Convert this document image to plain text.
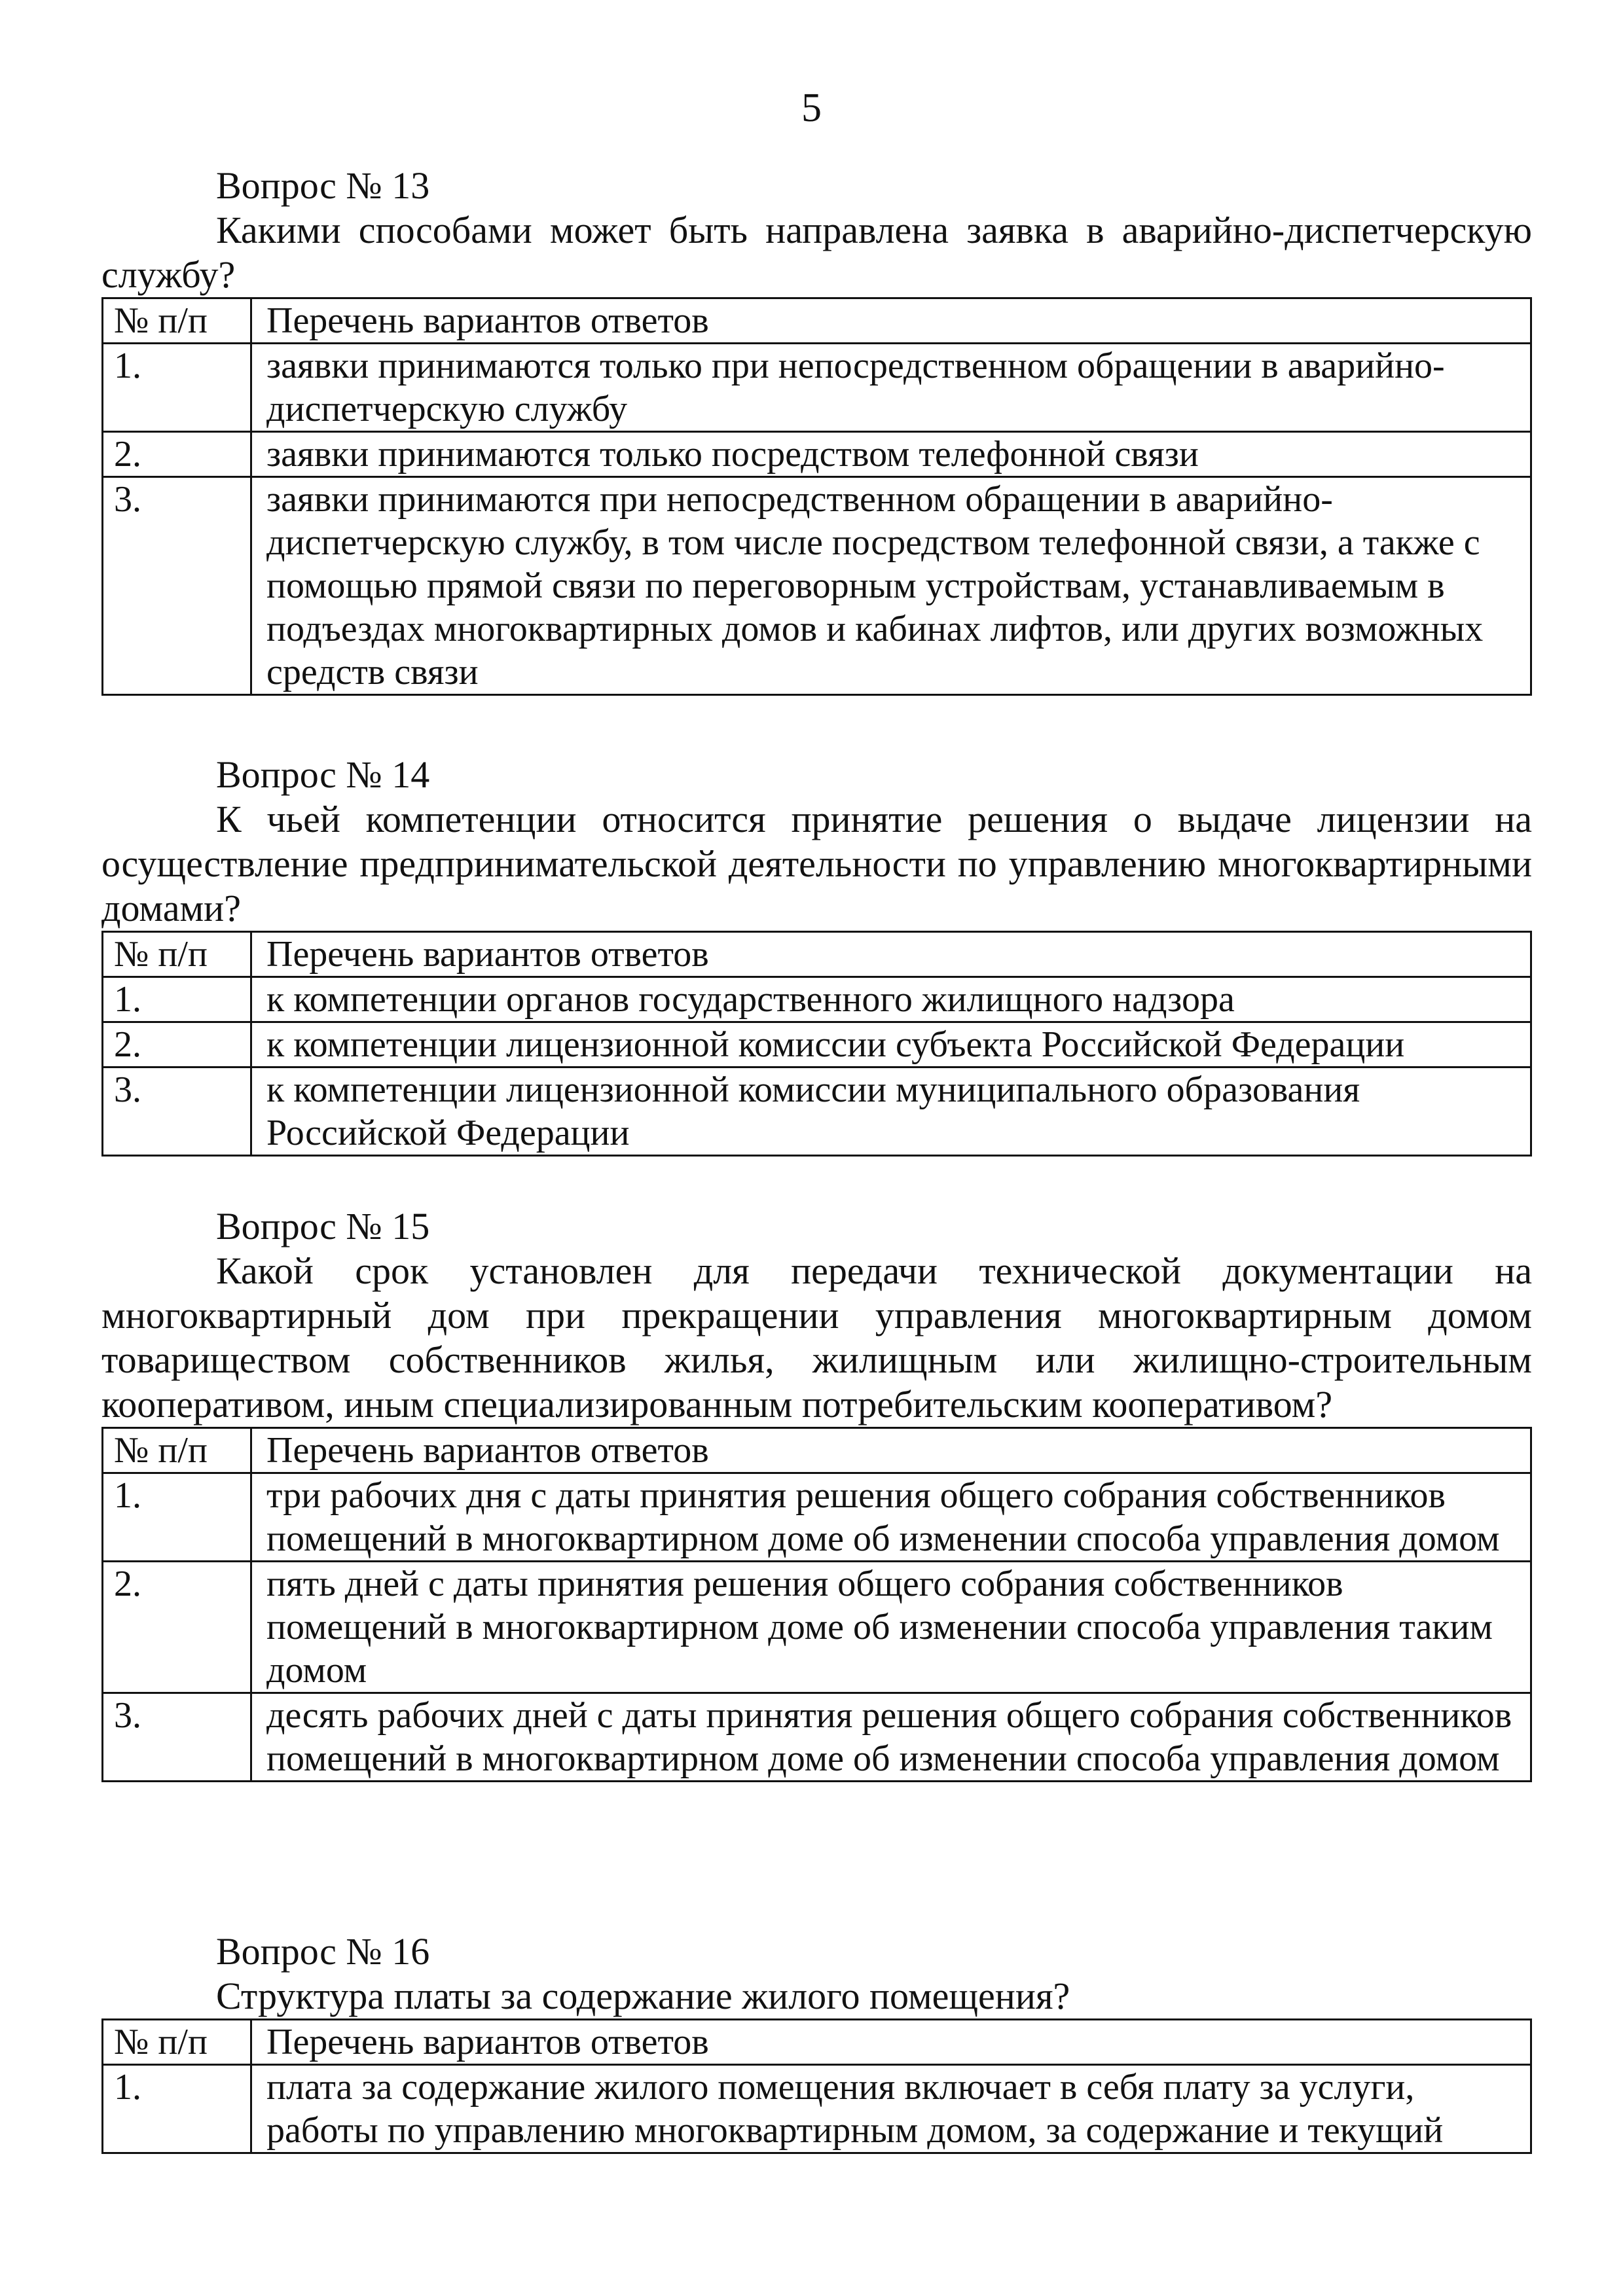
5
Вопрос № 13

Какими способами может быть направлена заявка в аварийно-диспетчерскую службу?

№ п/п	Перечень вариантов ответов
1.	заявки принимаются только при непосредственном обращении в аварийно-диспетчерскую службу
2.	заявки принимаются только посредством телефонной связи
3.	заявки принимаются при непосредственном обращении в аварийно-диспетчерскую службу, в том числе посредством телефонной связи, а также с помощью прямой связи по переговорным устройствам, устанавливаемым в подъездах многоквартирных домов и кабинах лифтов, или других возможных средств связи
Вопрос № 14

К чьей компетенции относится принятие решения о выдаче лицензии на осуществление предпринимательской деятельности по управлению многоквартирными домами?

№ п/п	Перечень вариантов ответов
1.	к компетенции органов государственного жилищного надзора
2.	к компетенции лицензионной комиссии субъекта Российской Федерации
3.	к компетенции лицензионной комиссии муниципального образования Российской Федерации
Вопрос № 15

Какой срок установлен для передачи технической документации на многоквартирный дом при прекращении управления многоквартирным домом товариществом собственников жилья, жилищным или жилищно-строительным кооперативом, иным специализированным потребительским кооперативом?

№ п/п	Перечень вариантов ответов
1.	три рабочих дня с даты принятия решения общего собрания собственников помещений в многоквартирном доме об изменении способа управления домом
2.	пять дней с даты принятия решения общего собрания собственников помещений в многоквартирном доме об изменении способа управления таким домом
3.	десять рабочих дней с даты принятия решения общего собрания собственников помещений в многоквартирном доме об изменении способа управления домом
Вопрос № 16

Структура платы за содержание жилого помещения?

№ п/п	Перечень вариантов ответов
1.	плата за содержание жилого помещения включает в себя плату за услуги, работы по управлению многоквартирным домом, за содержание и текущий
